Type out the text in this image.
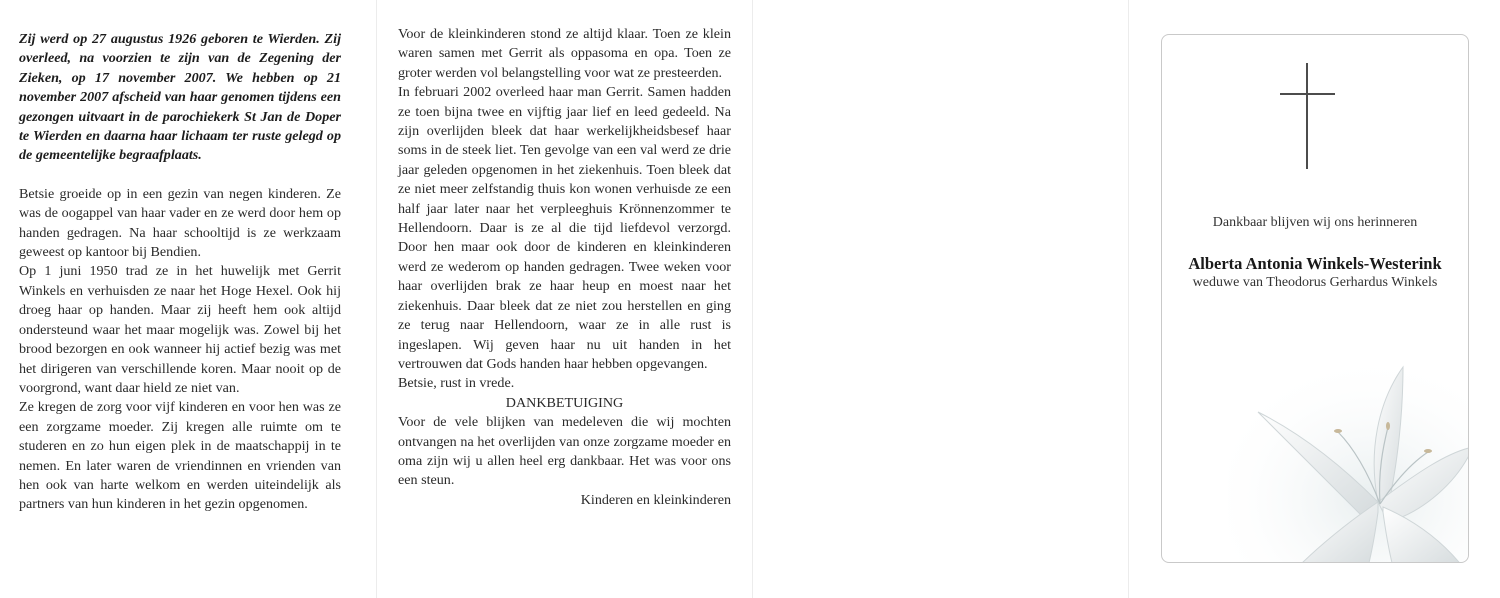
Zij werd op 27 augustus 1926 geboren te Wierden. Zij overleed, na voorzien te zijn van de Zegening der Zieken, op 17 november 2007. We hebben op 21 november 2007 afscheid van haar genomen tijdens een gezongen uitvaart in de parochiekerk St Jan de Doper te Wierden en daarna haar lichaam ter ruste gelegd op de gemeentelijke begraafplaats.

Betsie groeide op in een gezin van negen kinderen. Ze was de oogappel van haar vader en ze werd door hem op handen gedragen. Na haar schooltijd is ze werkzaam geweest op kantoor bij Bendien.

Op 1 juni 1950 trad ze in het huwelijk met Gerrit Winkels en verhuisden ze naar het Hoge Hexel. Ook hij droeg haar op handen. Maar zij heeft hem ook altijd ondersteund waar het maar mogelijk was. Zowel bij het brood bezorgen en ook wanneer hij actief bezig was met het dirigeren van verschillende koren. Maar nooit op de voorgrond, want daar hield ze niet van.

Ze kregen de zorg voor vijf kinderen en voor hen was ze een zorgzame moeder. Zij kregen alle ruimte om te studeren en zo hun eigen plek in de maatschappij in te nemen. En later waren de vriendinnen en vrienden van hen ook van harte welkom en werden uiteindelijk als partners van hun kinderen in het gezin opgenomen.

Voor de kleinkinderen stond ze altijd klaar. Toen ze klein waren samen met Gerrit als oppasoma en opa. Toen ze groter werden vol belangstelling voor wat ze presteerden.

In februari 2002 overleed haar man Gerrit. Samen hadden ze toen bijna twee en vijftig jaar lief en leed gedeeld. Na zijn overlijden bleek dat haar werkelijkheidsbesef haar soms in de steek liet. Ten gevolge van een val werd ze drie jaar geleden opgenomen in het ziekenhuis. Toen bleek dat ze niet meer zelfstandig thuis kon wonen verhuisde ze een half jaar later naar het verpleeghuis Krönnenzommer te Hellendoorn. Daar is ze al die tijd liefdevol verzorgd. Door hen maar ook door de kinderen en kleinkinderen werd ze wederom op handen gedragen. Twee weken voor haar overlijden brak ze haar heup en moest naar het ziekenhuis. Daar bleek dat ze niet zou herstellen en ging ze terug naar Hellendoorn, waar ze in alle rust is ingeslapen. Wij geven haar nu uit handen in het vertrouwen dat Gods handen haar hebben opgevangen.

Betsie, rust in vrede.

DANKBETUIGING

Voor de vele blijken van medeleven die wij mochten ontvangen na het overlijden van onze zorgzame moeder en oma zijn wij u allen heel erg dankbaar. Het was voor ons een steun.

Kinderen en kleinkinderen

Dankbaar blijven wij ons herinneren
Alberta Antonia Winkels-Westerink
weduwe van Theodorus Gerhardus Winkels
